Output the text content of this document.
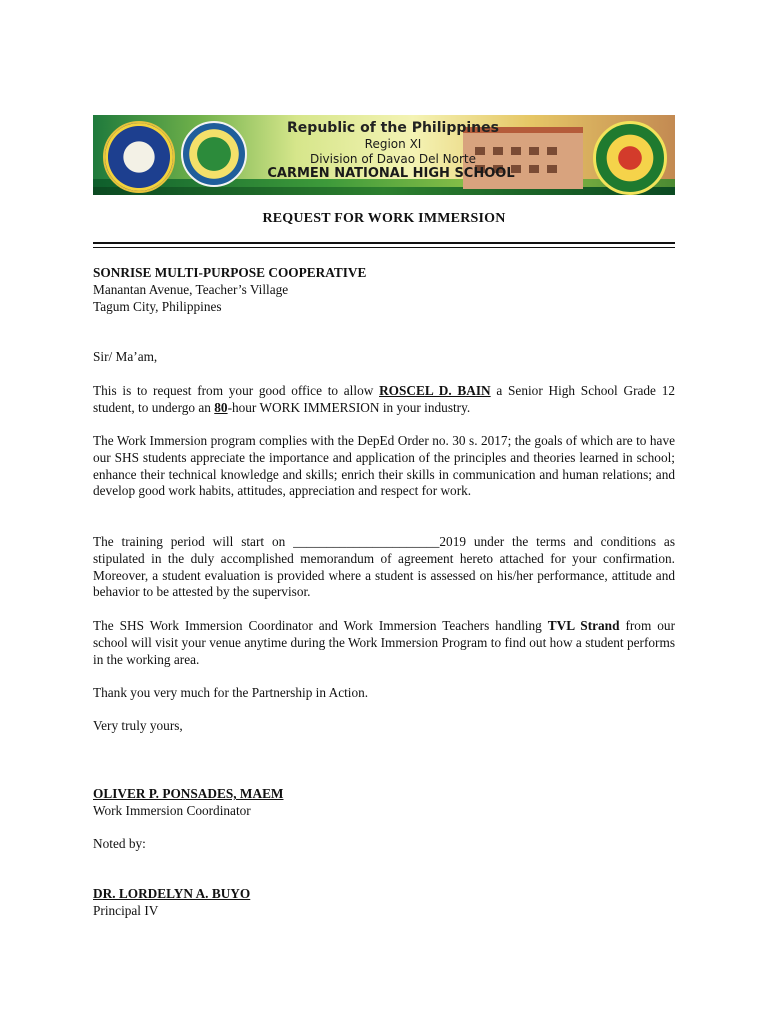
Republic of the Philippines
Region XI
Division of Davao Del Norte
CARMEN NATIONAL HIGH SCHOOL
REQUEST FOR WORK IMMERSION
SONRISE MULTI-PURPOSE COOPERATIVE
Manantan Avenue, Teacher’s Village
Tagum City, Philippines
Sir/ Ma’am,
This is to request from your good office to allow ROSCEL D. BAIN a Senior High School Grade 12 student, to undergo an 80-hour WORK IMMERSION in your industry.
The Work Immersion program complies with the DepEd Order no. 30 s. 2017; the goals of which are to have our SHS students appreciate the importance and application of the principles and theories learned in school; enhance their technical knowledge and skills; enrich their skills in communication and human relations; and develop good work habits, attitudes, appreciation and respect for work.
The training period will start on ______________________2019 under the terms and conditions as stipulated in the duly accomplished memorandum of agreement hereto attached for your confirmation. Moreover, a student evaluation is provided where a student is assessed on his/her performance, attitude and behavior to be attested by the supervisor.
The SHS Work Immersion Coordinator and Work Immersion Teachers handling TVL Strand from our school will visit your venue anytime during the Work Immersion Program to find out how a student performs in the working area.
Thank you very much for the Partnership in Action.
Very truly yours,
OLIVER P. PONSADES, MAEM
Work Immersion Coordinator
Noted by:
DR. LORDELYN A. BUYO
Principal IV
